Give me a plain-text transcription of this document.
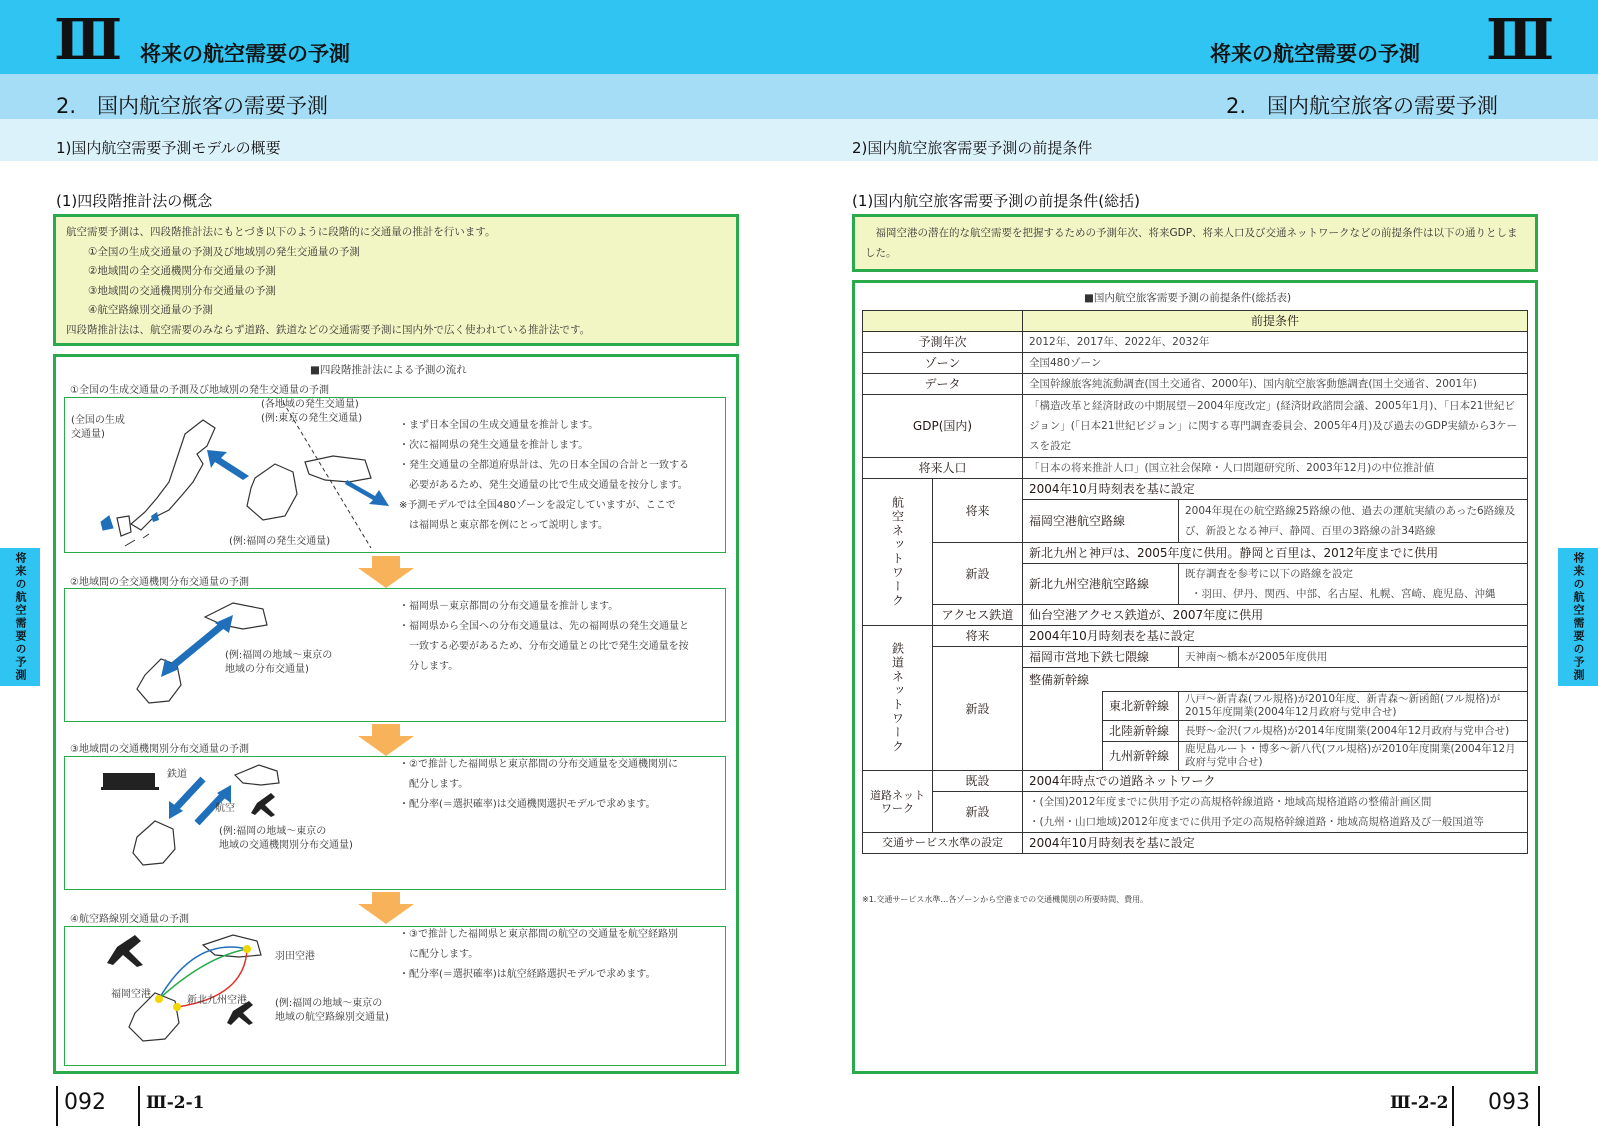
Ⅲ 将来の航空需要の予測	将来の航空需要の予測 Ⅲ
2.　国内航空旅客の需要予測	2.　国内航空旅客の需要予測
1)国内航空需要予測モデルの概要	2)国内航空旅客需要予測の前提条件
(1)四段階推計法の概念
航空需要予測は、四段階推計法にもとづき以下のように段階的に交通量の推計を行います。
①全国の生成交通量の予測及び地域別の発生交通量の予測
②地域間の全交通機関分布交通量の予測
③地域間の交通機関別分布交通量の予測
④航空路線別交通量の予測
四段階推計法は、航空需要のみならず道路、鉄道などの交通需要予測に国内外で広く使われている推計法です。
■四段階推計法による予測の流れ
①全国の生成交通量の予測及び地域別の発生交通量の予測
(全国の生成
交通量)
(各地域の発生交通量)
(例:東京の発生交通量)
(例:福岡の発生交通量)
・まず日本全国の生成交通量を推計します。
・次に福岡県の発生交通量を推計します。
・発生交通量の全都道府県計は、先の日本全国の合計と一致する
　必要があるため、発生交通量の比で生成交通量を按分します。
※予測モデルでは全国480ゾーンを設定していますが、ここで
　は福岡県と東京都を例にとって説明します。
②地域間の全交通機関分布交通量の予測
(例:福岡の地域～東京の
地域の分布交通量)
・福岡県－東京都間の分布交通量を推計します。
・福岡県から全国への分布交通量は、先の福岡県の発生交通量と
　一致する必要があるため、分布交通量との比で発生交通量を按
　分します。
③地域間の交通機関別分布交通量の予測
鉄道
航空
(例:福岡の地域～東京の
地域の交通機関別分布交通量)
・②で推計した福岡県と東京都間の分布交通量を交通機関別に
　配分します。
・配分率(＝選択確率)は交通機関選択モデルで求めます。
④航空路線別交通量の予測
羽田空港
福岡空港
新北九州空港	(例:福岡の地域～東京の
地域の航空路線別交通量)
・③で推計した福岡県と東京都間の航空の交通量を航空経路別
　に配分します。
・配分率(＝選択確率)は航空経路選択モデルで求めます。
将来の航空需要の予測	将来の航空需要の予測
092 Ⅲ-2-1
(1)国内航空旅客需要予測の前提条件(総括)
　福岡空港の潜在的な航空需要を把握するための予測年次、将来GDP、将来人口及び交通ネットワークなどの前提条件は以下の通りとしました。
■国内航空旅客需要予測の前提条件(総括表)
		前提条件		
予測年次		2012年、2017年、2022年、2032年		
ゾーン		全国480ゾーン		
データ		全国幹線旅客純流動調査(国土交通省、2000年)、国内航空旅客動態調査(国土交通省、2001年)		
GDP(国内)		「構造改革と経済財政の中期展望－2004年度改定」(経済財政諮問会議、2005年1月)、「日本21世紀ビジョン」(「日本21世紀ビジョン」に関する専門調査委員会、2005年4月)及び過去のGDP実績から3ケースを設定		
将来人口		「日本の将来推計人口」(国立社会保障・人口問題研究所、2003年12月)の中位推計値		

航空ネットワーク	将来	2004年10月時刻表を基に設定		
		福岡空港航空路線		2004年現在の航空路線25路線の他、過去の運航実績のあった6路線及び、新設となる神戸、静岡、百里の3路線の計34路線
	新設	新北九州と神戸は、2005年度に供用。静岡と百里は、2012年度までに供用		
		新北九州空港航空路線		既存調査を参考に以下の路線を設定
				・羽田、伊丹、関西、中部、名古屋、札幌、宮崎、鹿児島、沖縄
	アクセス鉄道	仙台空港アクセス鉄道が、2007年度に供用		

鉄道ネットワーク	将来	2004年10月時刻表を基に設定		
	新設	福岡市営地下鉄七隈線		天神南～橋本が2005年度供用
		整備新幹線		
			東北新幹線	八戸～新青森(フル規格)が2010年度、新青森～新函館(フル規格)が2015年度開業(2004年12月政府与党申合せ)
			北陸新幹線	長野～金沢(フル規格)が2014年度開業(2004年12月政府与党申合せ)
			九州新幹線	鹿児島ルート・博多～新八代(フル規格)が2010年度開業(2004年12月政府与党申合せ)

道路ネットワーク	既設	2004年時点での道路ネットワーク		
	新設	・(全国)2012年度までに供用予定の高規格幹線道路・地域高規格道路の整備計画区間		
		・(九州・山口地域)2012年度までに供用予定の高規格幹線道路・地域高規格道路及び一般国道等		
交通サービス水準の設定		2004年10月時刻表を基に設定		
※1.交通サービス水準…各ゾーンから空港までの交通機関別の所要時間、費用。
Ⅲ-2-2 093
